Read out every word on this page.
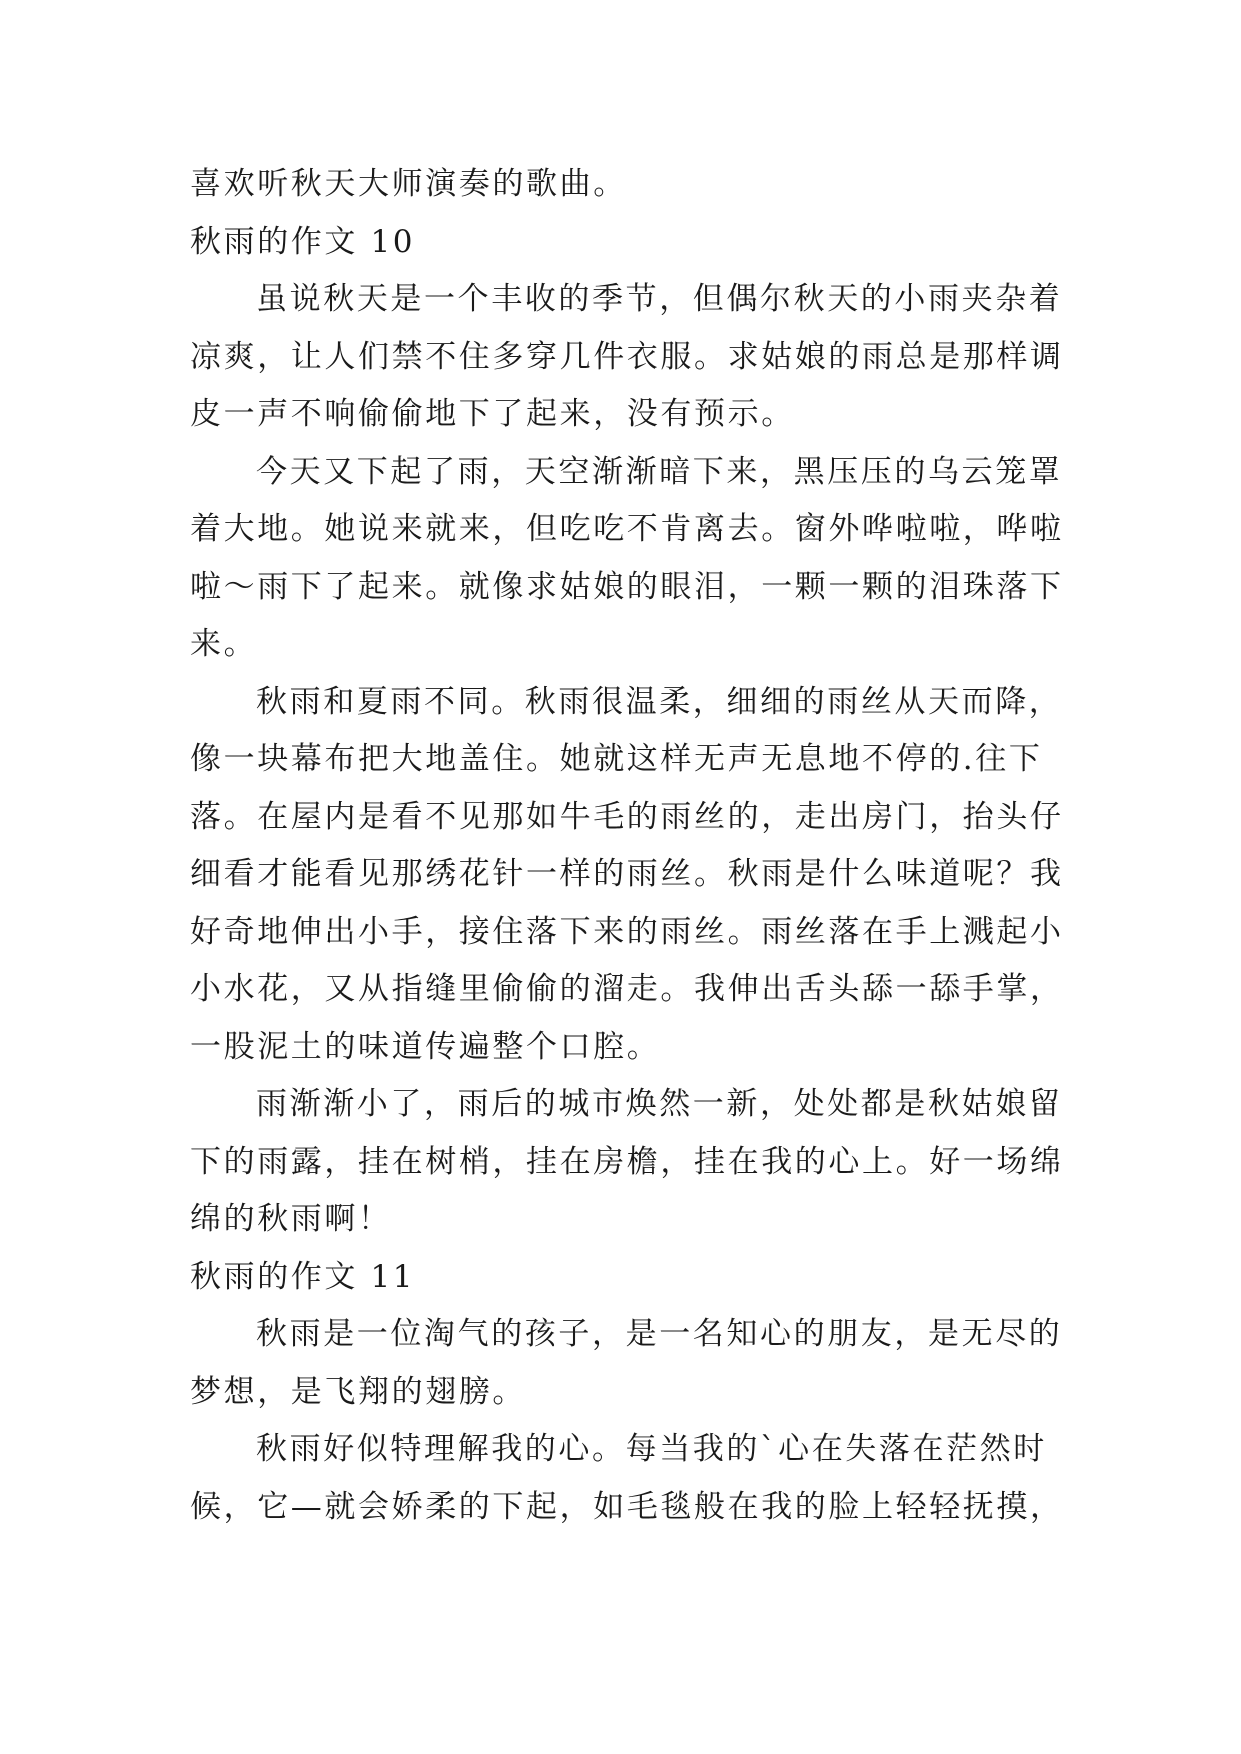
喜欢听秋天大师演奏的歌曲。
秋雨的作文 10
虽说秋天是一个丰收的季节，但偶尔秋天的小雨夹杂着
凉爽，让人们禁不住多穿几件衣服。求姑娘的雨总是那样调
皮一声不响偷偷地下了起来，没有预示。
今天又下起了雨，天空渐渐暗下来，黑压压的乌云笼罩
着大地。她说来就来，但吃吃不肯离去。窗外哗啦啦，哗啦
啦～雨下了起来。就像求姑娘的眼泪，一颗一颗的泪珠落下
来。
秋雨和夏雨不同。秋雨很温柔，细细的雨丝从天而降，
像一块幕布把大地盖住。她就这样无声无息地不停的.往下
落。在屋内是看不见那如牛毛的雨丝的，走出房门，抬头仔
细看才能看见那绣花针一样的雨丝。秋雨是什么味道呢？我
好奇地伸出小手，接住落下来的雨丝。雨丝落在手上溅起小
小水花，又从指缝里偷偷的溜走。我伸出舌头舔一舔手掌，
一股泥土的味道传遍整个口腔。
雨渐渐小了，雨后的城市焕然一新，处处都是秋姑娘留
下的雨露，挂在树梢，挂在房檐，挂在我的心上。好一场绵
绵的秋雨啊！
秋雨的作文 11
秋雨是一位淘气的孩子，是一名知心的朋友，是无尽的
梦想，是飞翔的翅膀。
秋雨好似特理解我的心。每当我的`心在失落在茫然时
候，它—就会娇柔的下起，如毛毯般在我的脸上轻轻抚摸，
